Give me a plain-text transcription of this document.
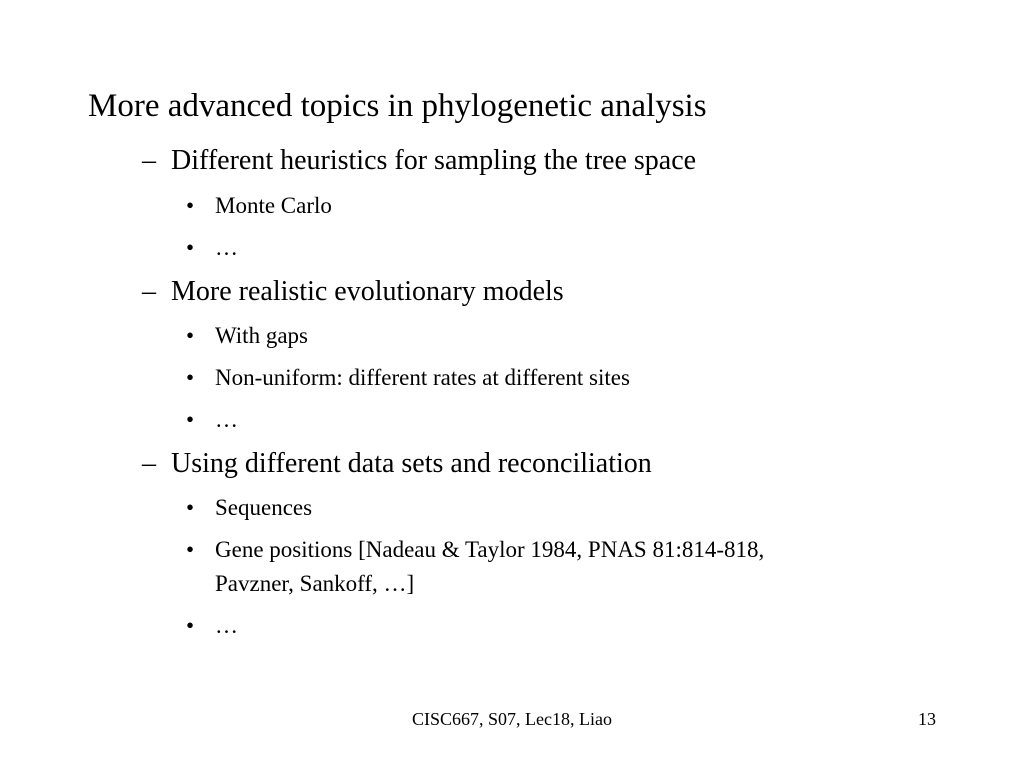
More advanced topics in phylogenetic analysis
– Different heuristics for sampling the tree space
• Monte Carlo
• …
– More realistic evolutionary models
• With gaps
• Non-uniform: different rates at different sites
• …
– Using different data sets and reconciliation
• Sequences
• Gene positions [Nadeau & Taylor 1984, PNAS 81:814-818,
Pavzner, Sankoff, …]
• …
CISC667, S07, Lec18, Liao	13
